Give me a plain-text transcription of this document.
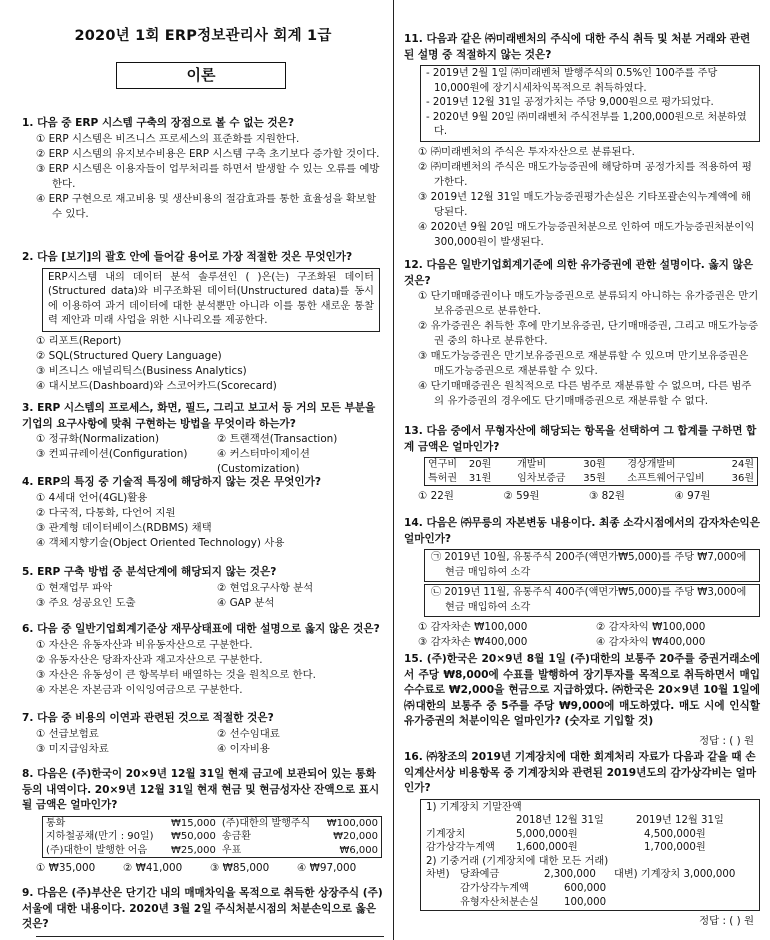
2020년 1회 ERP정보관리사 회계 1급
이론
1. 다음 중 ERP 시스템 구축의 장점으로 볼 수 없는 것은?
① ERP 시스템은 비즈니스 프로세스의 표준화를 지원한다.
② ERP 시스템의 유지보수비용은 ERP 시스템 구축 초기보다 증가할 것이다.
③ ERP 시스템은 이용자들이 업무처리를 하면서 발생할 수 있는 오류를 예방한다.
④ ERP 구현으로 재고비용 및 생산비용의 절감효과를 통한 효율성을 확보할 수 있다.
2. 다음 [보기]의 괄호 안에 들어갈 용어로 가장 적절한 것은 무엇인가?
ERP시스템 내의 데이터 분석 솔루션인 ( )은(는) 구조화된 데이터(Structured data)와 비구조화된 데이터(Unstructured data)를 동시에 이용하여 과거 데이터에 대한 분석뿐만 아니라 이를 통한 새로운 통찰력 제안과 미래 사업을 위한 시나리오를 제공한다.
① 리포트(Report)
② SQL(Structured Query Language)
③ 비즈니스 애널리틱스(Business Analytics)
④ 대시보드(Dashboard)와 스코어카드(Scorecard)
3. ERP 시스템의 프로세스, 화면, 필드, 그리고 보고서 등 거의 모든 부분을 기업의 요구사항에 맞춰 구현하는 방법을 무엇이라 하는가?
① 정규화(Normalization)	② 트랜잭션(Transaction)
③ 컨피규레이션(Configuration)	④ 커스터마이제이션(Customization)
4. ERP의 특징 중 기술적 특징에 해당하지 않는 것은 무엇인가?
① 4세대 언어(4GL)활용
② 다국적, 다통화, 다언어 지원
③ 관계형 데이터베이스(RDBMS) 채택
④ 객체지향기술(Object Oriented Technology) 사용
5. ERP 구축 방법 중 분석단계에 해당되지 않는 것은?
① 현재업무 파악	② 현업요구사항 분석
③ 주요 성공요인 도출	④ GAP 분석
6. 다음 중 일반기업회계기준상 재무상태표에 대한 설명으로 옳지 않은 것은?
① 자산은 유동자산과 비유동자산으로 구분한다.
② 유동자산은 당좌자산과 재고자산으로 구분한다.
③ 자산은 유동성이 큰 항목부터 배열하는 것을 원칙으로 한다.
④ 자본은 자본금과 이익잉여금으로 구분한다.
7. 다음 중 비용의 이연과 관련된 것으로 적절한 것은?
① 선급보험료	② 선수임대료
③ 미지급임차료	④ 이자비용
8. 다음은 (주)한국이 20×9년 12월 31일 현재 금고에 보관되어 있는 통화 등의 내역이다. 20×9년 12월 31일 현재 현금 및 현금성자산 잔액으로 표시될 금액은 얼마인가?
통화	₩15,000	(주)대한의 발행주식	₩100,000
지하철공채(만기 : 90일)	₩50,000	송금환	₩20,000
(주)대한이 발행한 어음	₩25,000	우표	₩6,000
① ₩35,000	② ₩41,000	③ ₩85,000	④ ₩97,000
9. 다음은 (주)부산은 단기간 내의 매매차익을 목적으로 취득한 상장주식 (주)서울에 대한 내용이다. 2020년 3월 2일 주식처분시점의 처분손익으로 옳은 것은?
11. 다음과 같은 ㈜미래벤처의 주식에 대한 주식 취득 및 처분 거래와 관련된 설명 중 적절하지 않는 것은?
- 2019년 2월 1일 ㈜미래벤처 발행주식의 0.5%인 100주를 주당 10,000원에 장기시세차익목적으로 취득하였다.
- 2019년 12월 31일 공정가치는 주당 9,000원으로 평가되었다.
- 2020년 9월 20일 ㈜미래벤처 주식전부를 1,200,000원으로 처분하였다.
① ㈜미래벤처의 주식은 투자자산으로 분류된다.
② ㈜미래벤처의 주식은 매도가능증권에 해당하며 공정가치를 적용하여 평가한다.
③ 2019년 12월 31일 매도가능증권평가손실은 기타포괄손익누계액에 해당된다.
④ 2020년 9월 20일 매도가능증권처분으로 인하여 매도가능증권처분이익 300,000원이 발생된다.
12. 다음은 일반기업회계기준에 의한 유가증권에 관한 설명이다. 옳지 않은 것은?
① 단기매매증권이나 매도가능증권으로 분류되지 아니하는 유가증권은 만기보유증권으로 분류한다.
② 유가증권은 취득한 후에 만기보유증권, 단기매매증권, 그리고 매도가능증권 중의 하나로 분류한다.
③ 매도가능증권은 만기보유증권으로 재분류할 수 있으며 만기보유증권은 매도가능증권으로 재분류할 수 있다.
④ 단기매매증권은 원칙적으로 다른 범주로 재분류할 수 없으며, 다른 범주의 유가증권의 경우에도 단기매매증권으로 재분류할 수 없다.
13. 다음 중에서 무형자산에 해당되는 항목을 선택하여 그 합계를 구하면 합계 금액은 얼마인가?
연구비	20원	개발비	30원	경상개발비	24원
특허권	31원	임차보증금	35원	소프트웨어구입비	36원
① 22원	② 59원	③ 82원	④ 97원
14. 다음은 ㈜무릉의 자본변동 내용이다. 최종 소각시점에서의 감자차손익은 얼마인가?
㉠ 2019년 10월, 유통주식 200주(액면가₩5,000)를 주당 ₩7,000에 현금 매입하여 소각
㉡ 2019년 11월, 유통주식 400주(액면가₩5,000)를 주당 ₩3,000에 현금 매입하여 소각
① 감자차손 ₩100,000	② 감자차익 ₩100,000
③ 감자차손 ₩400,000	④ 감자차익 ₩400,000
15. (주)한국은 20×9년 8월 1일 (주)대한의 보통주 20주를 증권거래소에서 주당 ₩8,000에 수표를 발행하여 장기투자를 목적으로 취득하면서 매입수수료로 ₩2,000을 현금으로 지급하였다. ㈜한국은 20×9년 10월 1일에 ㈜대한의 보통주 중 5주를 주당 ₩9,000에 매도하였다. 매도 시에 인식할 유가증권의 처분이익은 얼마인가? (숫자로 기입할 것)
정답 : ( ) 원
16. ㈜창조의 2019년 기계장치에 대한 회계처리 자료가 다음과 같을 때 손익계산서상 비용항목 중 기계장치와 관련된 2019년도의 감가상각비는 얼마인가?
1) 기계장치 기말잔액
2018년 12월 31일	2019년 12월 31일
기계장치	5,000,000원	4,500,000원
감가상각누계액	1,600,000원	1,700,000원
2) 기중거래 (기계장치에 대한 모든 거래)
차변)	당좌예금	2,300,000	대변) 기계장치 3,000,000
감가상각누계액	600,000
유형자산처분손실	100,000
정답 : ( ) 원
